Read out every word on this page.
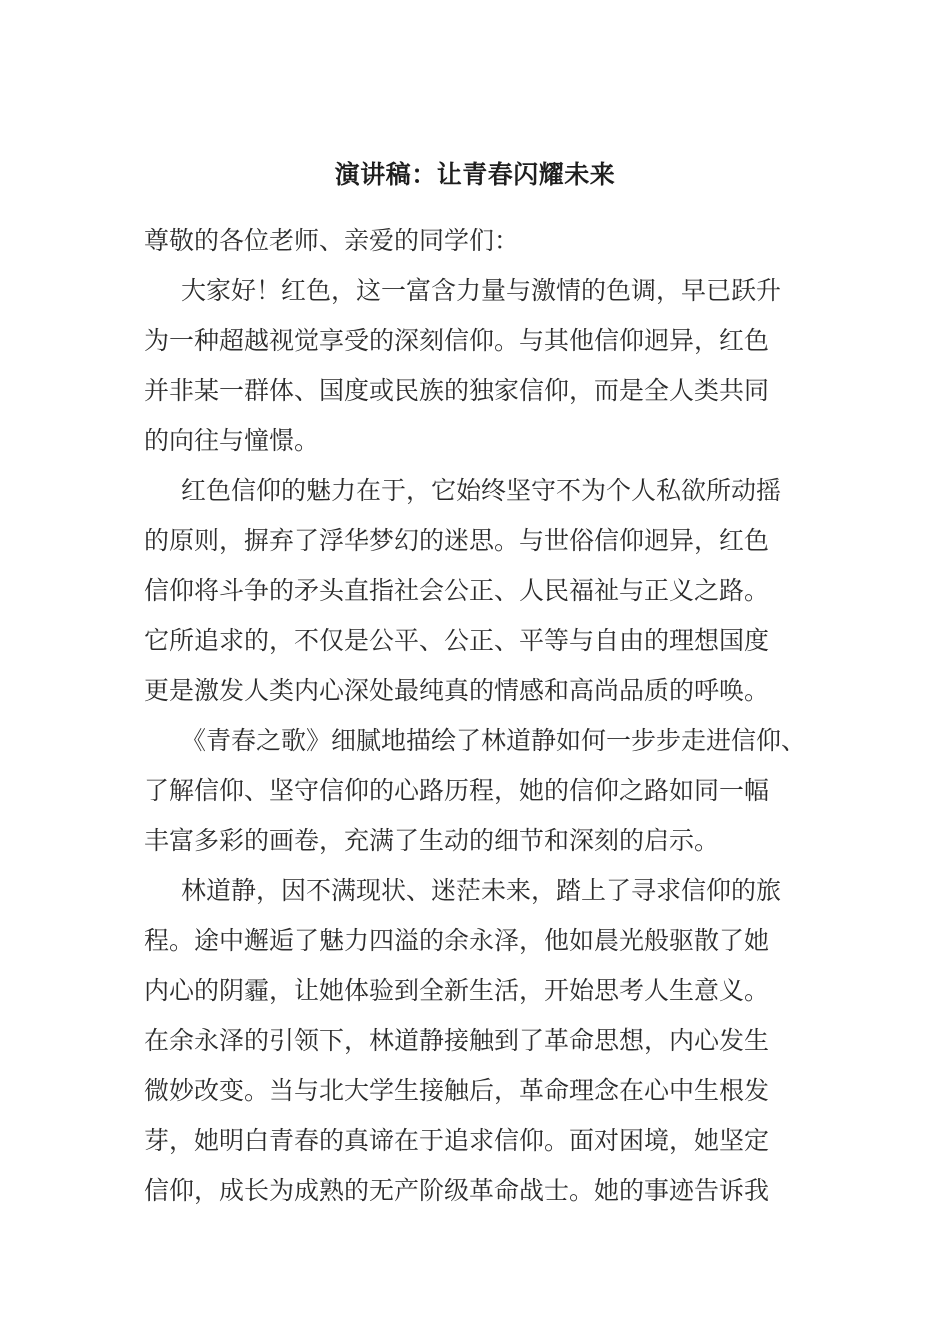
演讲稿：让青春闪耀未来
尊敬的各位老师、亲爱的同学们：
大家好！红色，这一富含力量与激情的色调，早已跃升
为一种超越视觉享受的深刻信仰。与其他信仰迥异，红色
并非某一群体、国度或民族的独家信仰，而是全人类共同
的向往与憧憬。
红色信仰的魅力在于，它始终坚守不为个人私欲所动摇
的原则，摒弃了浮华梦幻的迷思。与世俗信仰迥异，红色
信仰将斗争的矛头直指社会公正、人民福祉与正义之路。
它所追求的，不仅是公平、公正、平等与自由的理想国度
更是激发人类内心深处最纯真的情感和高尚品质的呼唤。
《青春之歌》细腻地描绘了林道静如何一步步走进信仰、
了解信仰、坚守信仰的心路历程，她的信仰之路如同一幅
丰富多彩的画卷，充满了生动的细节和深刻的启示。
林道静，因不满现状、迷茫未来，踏上了寻求信仰的旅
程。途中邂逅了魅力四溢的余永泽，他如晨光般驱散了她
内心的阴霾，让她体验到全新生活，开始思考人生意义。
在余永泽的引领下，林道静接触到了革命思想，内心发生
微妙改变。当与北大学生接触后，革命理念在心中生根发
芽，她明白青春的真谛在于追求信仰。面对困境，她坚定
信仰，成长为成熟的无产阶级革命战士。她的事迹告诉我
